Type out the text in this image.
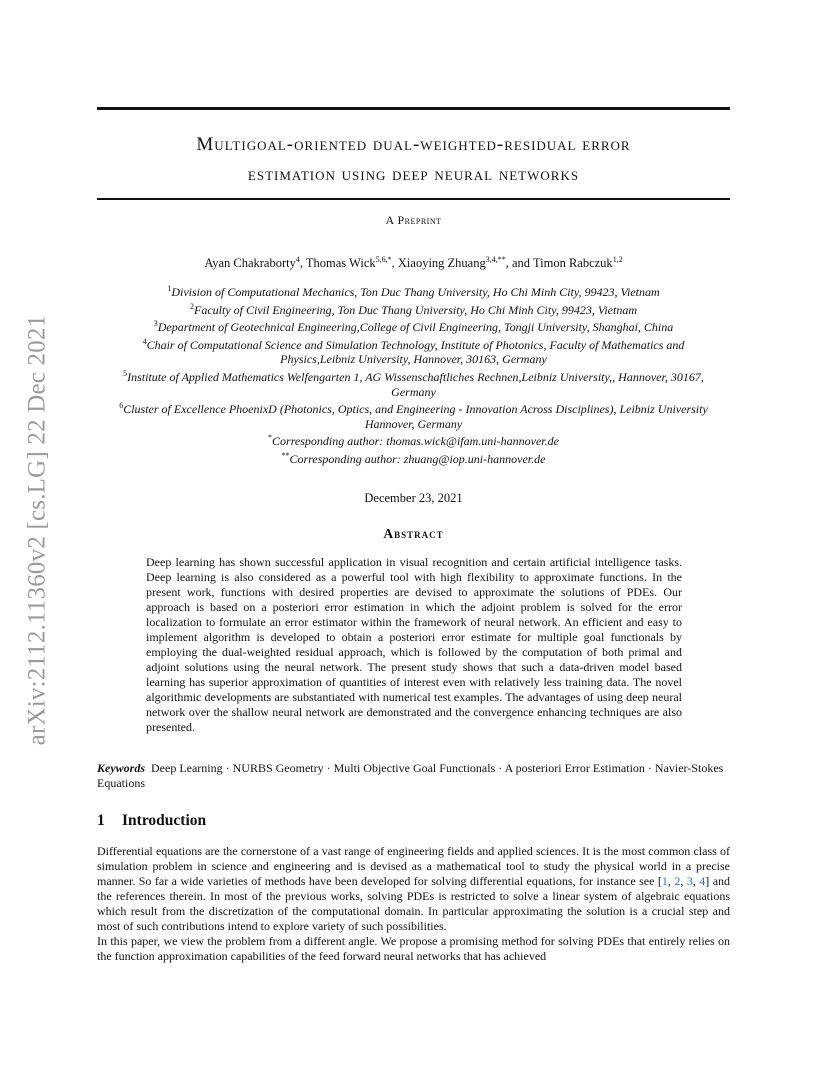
arXiv:2112.11360v2 [cs.LG] 22 Dec 2021
Multigoal-oriented dual-weighted-residual error
estimation using deep neural networks
A Preprint
Ayan Chakraborty$^4$, Thomas Wick$^{5,6,*}$, Xiaoying Zhuang$^{3,4,**}$, and Timon Rabczuk$^{1,2}$
$^1$Division of Computational Mechanics, Ton Duc Thang University, Ho Chi Minh City, 99423, Vietnam
$^2$Faculty of Civil Engineering, Ton Duc Thang University, Ho Chi Minh City, 99423, Vietnam
$^3$Department of Geotechnical Engineering,College of Civil Engineering, Tongji University, Shanghai, China
$^4$Chair of Computational Science and Simulation Technology, Institute of Photonics, Faculty of Mathematics and Physics,Leibniz University, Hannover, 30163, Germany
$^5$Institute of Applied Mathematics Welfengarten 1, AG Wissenschaftliches Rechnen,Leibniz University,, Hannover, 30167, Germany
$^6$Cluster of Excellence PhoenixD (Photonics, Optics, and Engineering - Innovation Across Disciplines), Leibniz University Hannover, Germany
*Corresponding author: thomas.wick@ifam.uni-hannover.de
**Corresponding author: zhuang@iop.uni-hannover.de
December 23, 2021
Abstract
Deep learning has shown successful application in visual recognition and certain artificial intelligence tasks. Deep learning is also considered as a powerful tool with high flexibility to approximate functions. In the present work, functions with desired properties are devised to approximate the solutions of PDEs. Our approach is based on a posteriori error estimation in which the adjoint problem is solved for the error localization to formulate an error estimator within the framework of neural network. An efficient and easy to implement algorithm is developed to obtain a posteriori error estimate for multiple goal functionals by employing the dual-weighted residual approach, which is followed by the computation of both primal and adjoint solutions using the neural network. The present study shows that such a data-driven model based learning has superior approximation of quantities of interest even with relatively less training data. The novel algorithmic developments are substantiated with numerical test examples. The advantages of using deep neural network over the shallow neural network are demonstrated and the convergence enhancing techniques are also presented.
Keywords Deep Learning · NURBS Geometry · Multi Objective Goal Functionals · A posteriori Error Estimation · Navier-Stokes Equations
1 Introduction

Differential equations are the cornerstone of a vast range of engineering fields and applied sciences. It is the most common class of simulation problem in science and engineering and is devised as a mathematical tool to study the physical world in a precise manner. So far a wide varieties of methods have been developed for solving differential equations, for instance see [1, 2, 3, 4] and the references therein. In most of the previous works, solving PDEs is restricted to solve a linear system of algebraic equations which result from the discretization of the computational domain. In particular approximating the solution is a crucial step and most of such contributions intend to explore variety of such possibilities.

In this paper, we view the problem from a different angle. We propose a promising method for solving PDEs that entirely relies on the function approximation capabilities of the feed forward neural networks that has achieved
